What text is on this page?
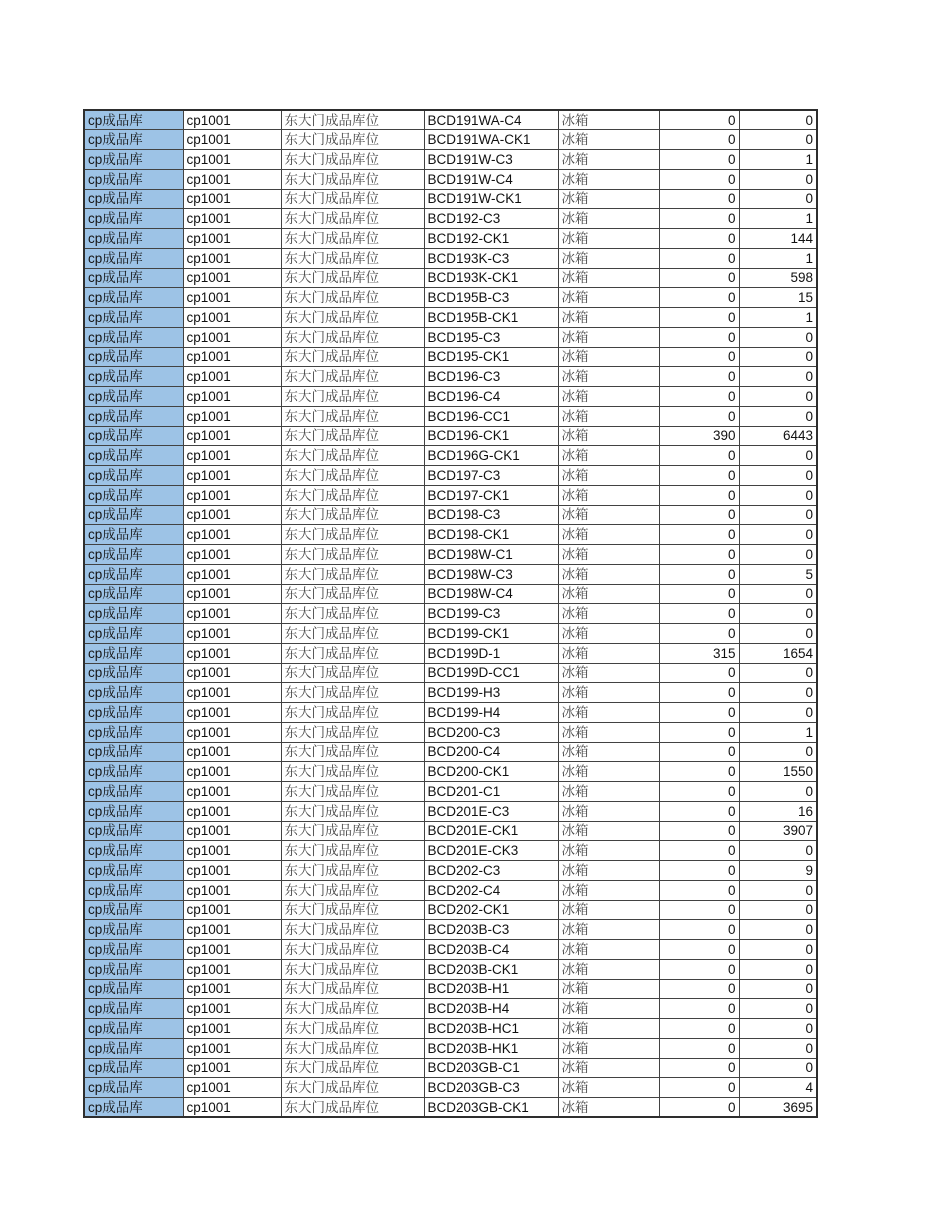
cp成品库	cp1001	东大门成品库位	BCD191WA-C4	冰箱	0	0
cp成品库	cp1001	东大门成品库位	BCD191WA-CK1	冰箱	0	0
cp成品库	cp1001	东大门成品库位	BCD191W-C3	冰箱	0	1
cp成品库	cp1001	东大门成品库位	BCD191W-C4	冰箱	0	0
cp成品库	cp1001	东大门成品库位	BCD191W-CK1	冰箱	0	0
cp成品库	cp1001	东大门成品库位	BCD192-C3	冰箱	0	1
cp成品库	cp1001	东大门成品库位	BCD192-CK1	冰箱	0	144
cp成品库	cp1001	东大门成品库位	BCD193K-C3	冰箱	0	1
cp成品库	cp1001	东大门成品库位	BCD193K-CK1	冰箱	0	598
cp成品库	cp1001	东大门成品库位	BCD195B-C3	冰箱	0	15
cp成品库	cp1001	东大门成品库位	BCD195B-CK1	冰箱	0	1
cp成品库	cp1001	东大门成品库位	BCD195-C3	冰箱	0	0
cp成品库	cp1001	东大门成品库位	BCD195-CK1	冰箱	0	0
cp成品库	cp1001	东大门成品库位	BCD196-C3	冰箱	0	0
cp成品库	cp1001	东大门成品库位	BCD196-C4	冰箱	0	0
cp成品库	cp1001	东大门成品库位	BCD196-CC1	冰箱	0	0
cp成品库	cp1001	东大门成品库位	BCD196-CK1	冰箱	390	6443
cp成品库	cp1001	东大门成品库位	BCD196G-CK1	冰箱	0	0
cp成品库	cp1001	东大门成品库位	BCD197-C3	冰箱	0	0
cp成品库	cp1001	东大门成品库位	BCD197-CK1	冰箱	0	0
cp成品库	cp1001	东大门成品库位	BCD198-C3	冰箱	0	0
cp成品库	cp1001	东大门成品库位	BCD198-CK1	冰箱	0	0
cp成品库	cp1001	东大门成品库位	BCD198W-C1	冰箱	0	0
cp成品库	cp1001	东大门成品库位	BCD198W-C3	冰箱	0	5
cp成品库	cp1001	东大门成品库位	BCD198W-C4	冰箱	0	0
cp成品库	cp1001	东大门成品库位	BCD199-C3	冰箱	0	0
cp成品库	cp1001	东大门成品库位	BCD199-CK1	冰箱	0	0
cp成品库	cp1001	东大门成品库位	BCD199D-1	冰箱	315	1654
cp成品库	cp1001	东大门成品库位	BCD199D-CC1	冰箱	0	0
cp成品库	cp1001	东大门成品库位	BCD199-H3	冰箱	0	0
cp成品库	cp1001	东大门成品库位	BCD199-H4	冰箱	0	0
cp成品库	cp1001	东大门成品库位	BCD200-C3	冰箱	0	1
cp成品库	cp1001	东大门成品库位	BCD200-C4	冰箱	0	0
cp成品库	cp1001	东大门成品库位	BCD200-CK1	冰箱	0	1550
cp成品库	cp1001	东大门成品库位	BCD201-C1	冰箱	0	0
cp成品库	cp1001	东大门成品库位	BCD201E-C3	冰箱	0	16
cp成品库	cp1001	东大门成品库位	BCD201E-CK1	冰箱	0	3907
cp成品库	cp1001	东大门成品库位	BCD201E-CK3	冰箱	0	0
cp成品库	cp1001	东大门成品库位	BCD202-C3	冰箱	0	9
cp成品库	cp1001	东大门成品库位	BCD202-C4	冰箱	0	0
cp成品库	cp1001	东大门成品库位	BCD202-CK1	冰箱	0	0
cp成品库	cp1001	东大门成品库位	BCD203B-C3	冰箱	0	0
cp成品库	cp1001	东大门成品库位	BCD203B-C4	冰箱	0	0
cp成品库	cp1001	东大门成品库位	BCD203B-CK1	冰箱	0	0
cp成品库	cp1001	东大门成品库位	BCD203B-H1	冰箱	0	0
cp成品库	cp1001	东大门成品库位	BCD203B-H4	冰箱	0	0
cp成品库	cp1001	东大门成品库位	BCD203B-HC1	冰箱	0	0
cp成品库	cp1001	东大门成品库位	BCD203B-HK1	冰箱	0	0
cp成品库	cp1001	东大门成品库位	BCD203GB-C1	冰箱	0	0
cp成品库	cp1001	东大门成品库位	BCD203GB-C3	冰箱	0	4
cp成品库	cp1001	东大门成品库位	BCD203GB-CK1	冰箱	0	3695
